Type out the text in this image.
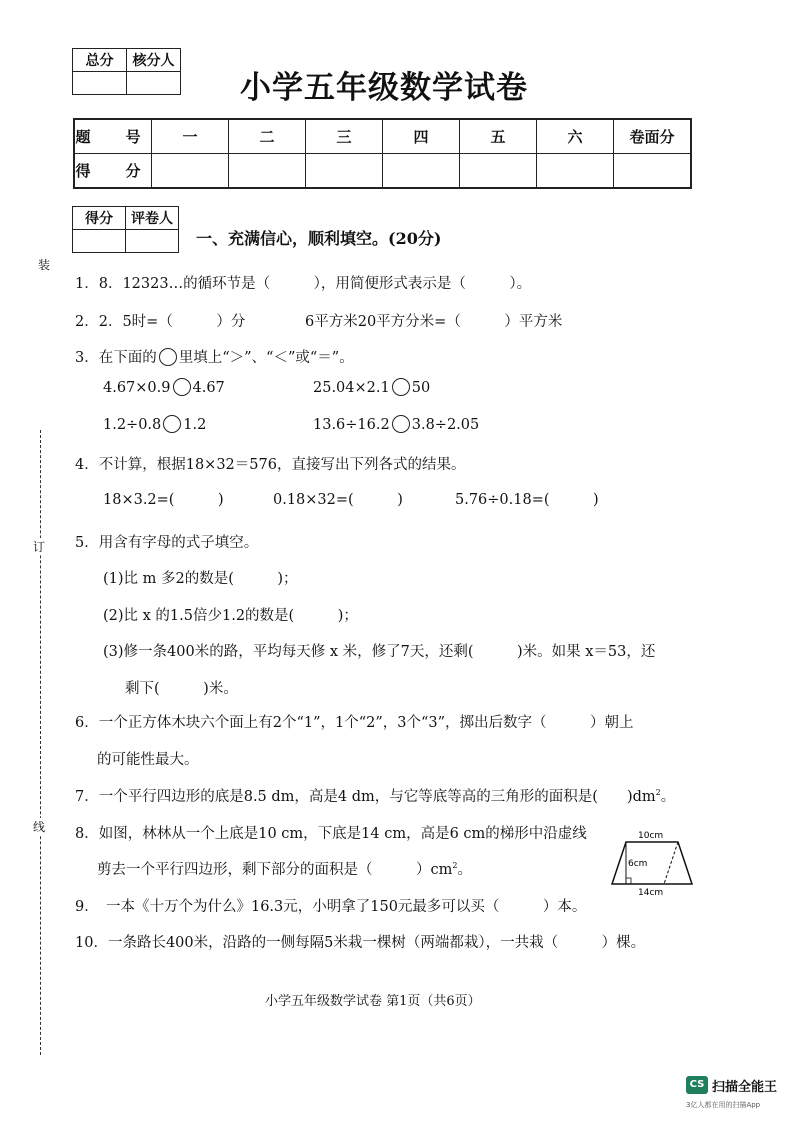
总分	核分人

小学五年级数学试卷
题　号	一	二	三	四	五	六	卷面分
得　分							
得分	评卷人

一、充满信心，顺利填空。(20分)
装
订
线
1．8．12323…的循环节是（　　　），用简便形式表示是（　　　）。
2．2．5时=（　　　）分	6平方米20平方分米=（　　　）平方米
3．在下面的 里填上“＞”、“＜”或“＝”。
4.67×0.9 4.67	25.04×2.1 50
1.2÷0.8 1.2	13.6÷16.2 3.8÷2.05
4．不计算，根据18×32＝576，直接写出下列各式的结果。
18×3.2=(　　　)	0.18×32=(　　　)	5.76÷0.18=(　　　)
5．用含有字母的式子填空。
(1)比 m 多2的数是(　　　)；
(2)比 x 的1.5倍少1.2的数是(　　　)；
(3)修一条400米的路，平均每天修 x 米，修了7天，还剩(　　　)米。如果 x＝53，还
剩下(　　　)米。
6．一个正方体木块六个面上有2个“1”，1个“2”，3个“3”，掷出后数字（　　　）朝上
的可能性最大。
7．一个平行四边形的底是8.5 dm，高是4 dm，与它等底等高的三角形的面积是(　　)$dm^2$。
8．如图，林林从一个上底是10 cm，下底是14 cm，高是6 cm的梯形中沿虚线
剪去一个平行四边形，剩下部分的面积是（　　　）$cm^2$。
10cm
6cm
14cm
9．　一本《十万个为什么》16.3元，小明拿了150元最多可以买（　　　）本。
10．一条路长400米，沿路的一侧每隔5米栽一棵树（两端都栽），一共栽（　　　）棵。
小学五年级数学试卷 第1页（共6页）
CS 扫描全能王
3亿人都在用的扫描App
